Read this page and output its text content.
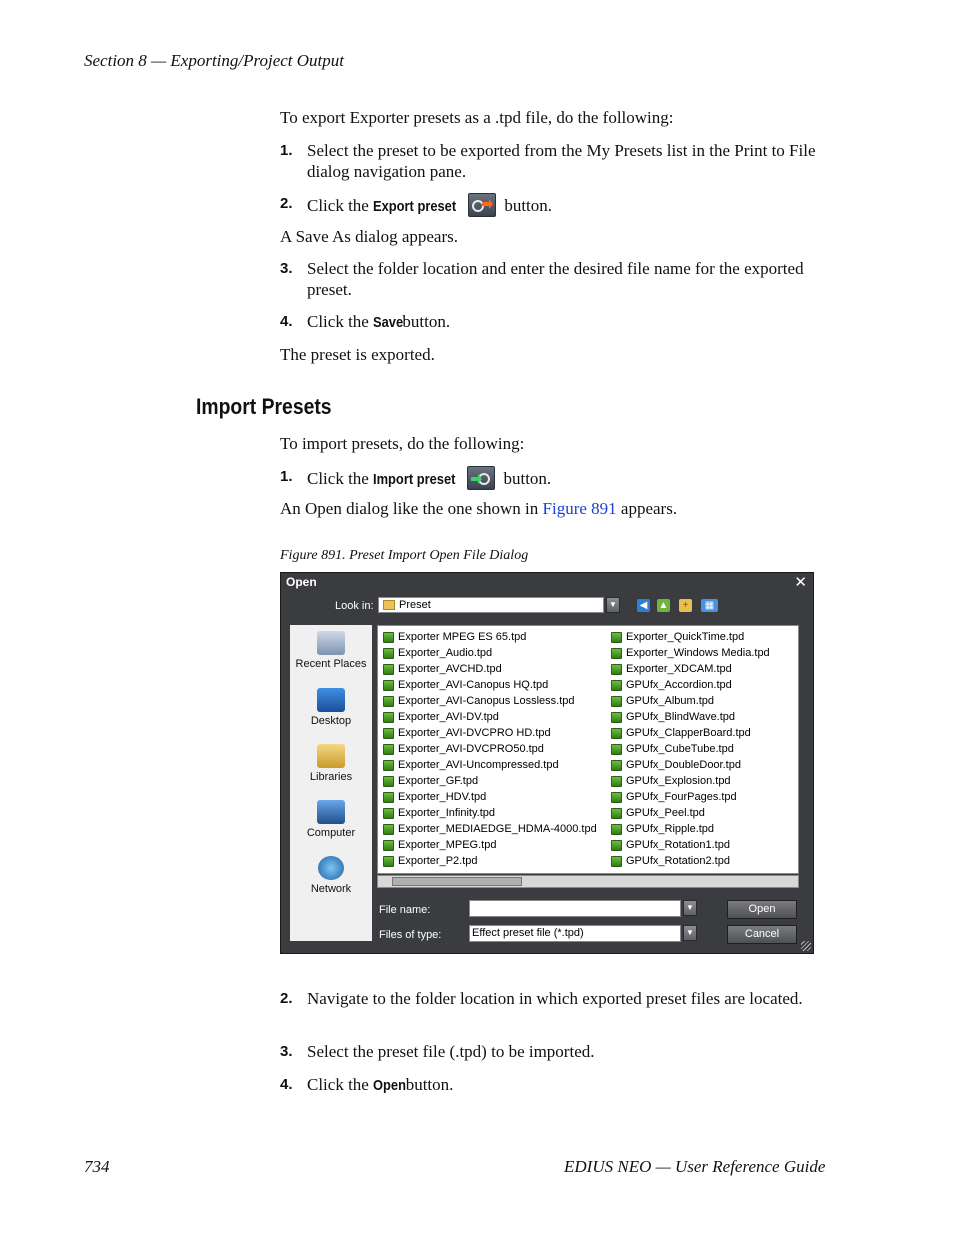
Section 8 — Exporting/Project Output
To export Exporter presets as a .tpd file, do the following:
1. Select the preset to be exported from the My Presets list in the Print to File dialog navigation pane.
2. Click the Export preset	button.
A Save As dialog appears.
3. Select the folder location and enter the desired file name for the exported preset.
4. Click the Save button.
The preset is exported.
Import Presets
To import presets, do the following:
1. Click the Import preset	button.
An Open dialog like the one shown in Figure 891 appears.
Figure 891. Preset Import Open File Dialog
Open	✕
Look in:	Preset	▼	◀ ▲	+	▦
Recent Places
Desktop
Libraries
Computer
Network
Exporter MPEG ES 65.tpd
Exporter_Audio.tpd
Exporter_AVCHD.tpd
Exporter_AVI-Canopus HQ.tpd
Exporter_AVI-Canopus Lossless.tpd
Exporter_AVI-DV.tpd
Exporter_AVI-DVCPRO HD.tpd
Exporter_AVI-DVCPRO50.tpd
Exporter_AVI-Uncompressed.tpd
Exporter_GF.tpd
Exporter_HDV.tpd
Exporter_Infinity.tpd
Exporter_MEDIAEDGE_HDMA-4000.tpd
Exporter_MPEG.tpd
Exporter_P2.tpd
Exporter_QuickTime.tpd
Exporter_Windows Media.tpd
Exporter_XDCAM.tpd
GPUfx_Accordion.tpd
GPUfx_Album.tpd
GPUfx_BlindWave.tpd
GPUfx_ClapperBoard.tpd
GPUfx_CubeTube.tpd
GPUfx_DoubleDoor.tpd
GPUfx_Explosion.tpd
GPUfx_FourPages.tpd
GPUfx_Peel.tpd
GPUfx_Ripple.tpd
GPUfx_Rotation1.tpd
GPUfx_Rotation2.tpd
File name:	▼	Open
Files of type:	Effect preset file (*.tpd)	▼	Cancel
2. Navigate to the folder location in which exported preset files are located.
3. Select the preset file (.tpd) to be imported.
4. Click the Open button.
734	EDIUS NEO — User Reference Guide
